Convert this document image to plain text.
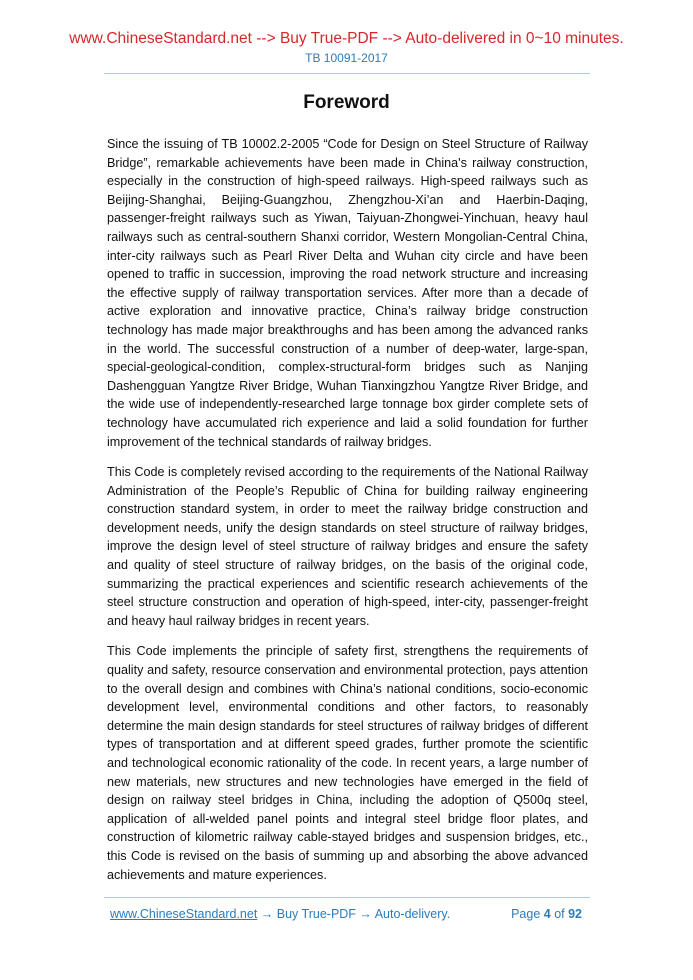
www.ChineseStandard.net --> Buy True-PDF --> Auto-delivered in 0~10 minutes.
TB 10091-2017
Foreword

Since the issuing of TB 10002.2-2005 “Code for Design on Steel Structure of Railway Bridge”, remarkable achievements have been made in China's railway construction, especially in the construction of high-speed railways. High-speed railways such as Beijing-Shanghai, Beijing-Guangzhou, Zhengzhou-Xi’an and Haerbin-Daqing, passenger-freight railways such as Yiwan, Taiyuan-Zhongwei-Yinchuan, heavy haul railways such as central-southern Shanxi corridor, Western Mongolian-Central China, inter-city railways such as Pearl River Delta and Wuhan city circle and have been opened to traffic in succession, improving the road network structure and increasing the effective supply of railway transportation services. After more than a decade of active exploration and innovative practice, China’s railway bridge construction technology has made major breakthroughs and has been among the advanced ranks in the world. The successful construction of a number of deep-water, large-span, special-geological-condition, complex-structural-form bridges such as Nanjing Dashengguan Yangtze River Bridge, Wuhan Tianxingzhou Yangtze River Bridge, and the wide use of independently-researched large tonnage box girder complete sets of technology have accumulated rich experience and laid a solid foundation for further improvement of the technical standards of railway bridges.

This Code is completely revised according to the requirements of the National Railway Administration of the People’s Republic of China for building railway engineering construction standard system, in order to meet the railway bridge construction and development needs, unify the design standards on steel structure of railway bridges, improve the design level of steel structure of railway bridges and ensure the safety and quality of steel structure of railway bridges, on the basis of the original code, summarizing the practical experiences and scientific research achievements of the steel structure construction and operation of high-speed, inter-city, passenger-freight and heavy haul railway bridges in recent years.

This Code implements the principle of safety first, strengthens the requirements of quality and safety, resource conservation and environmental protection, pays attention to the overall design and combines with China’s national conditions, socio-economic development level, environmental conditions and other factors, to reasonably determine the main design standards for steel structures of railway bridges of different types of transportation and at different speed grades, further promote the scientific and technological economic rationality of the code. In recent years, a large number of new materials, new structures and new technologies have emerged in the field of design on railway steel bridges in China, including the adoption of Q500q steel, application of all-welded panel points and integral steel bridge floor plates, and construction of kilometric railway cable-stayed bridges and suspension bridges, etc., this Code is revised on the basis of summing up and absorbing the above advanced achievements and mature experiences.

www.ChineseStandard.net → Buy True-PDF → Auto-delivery.	Page 4 of 92
